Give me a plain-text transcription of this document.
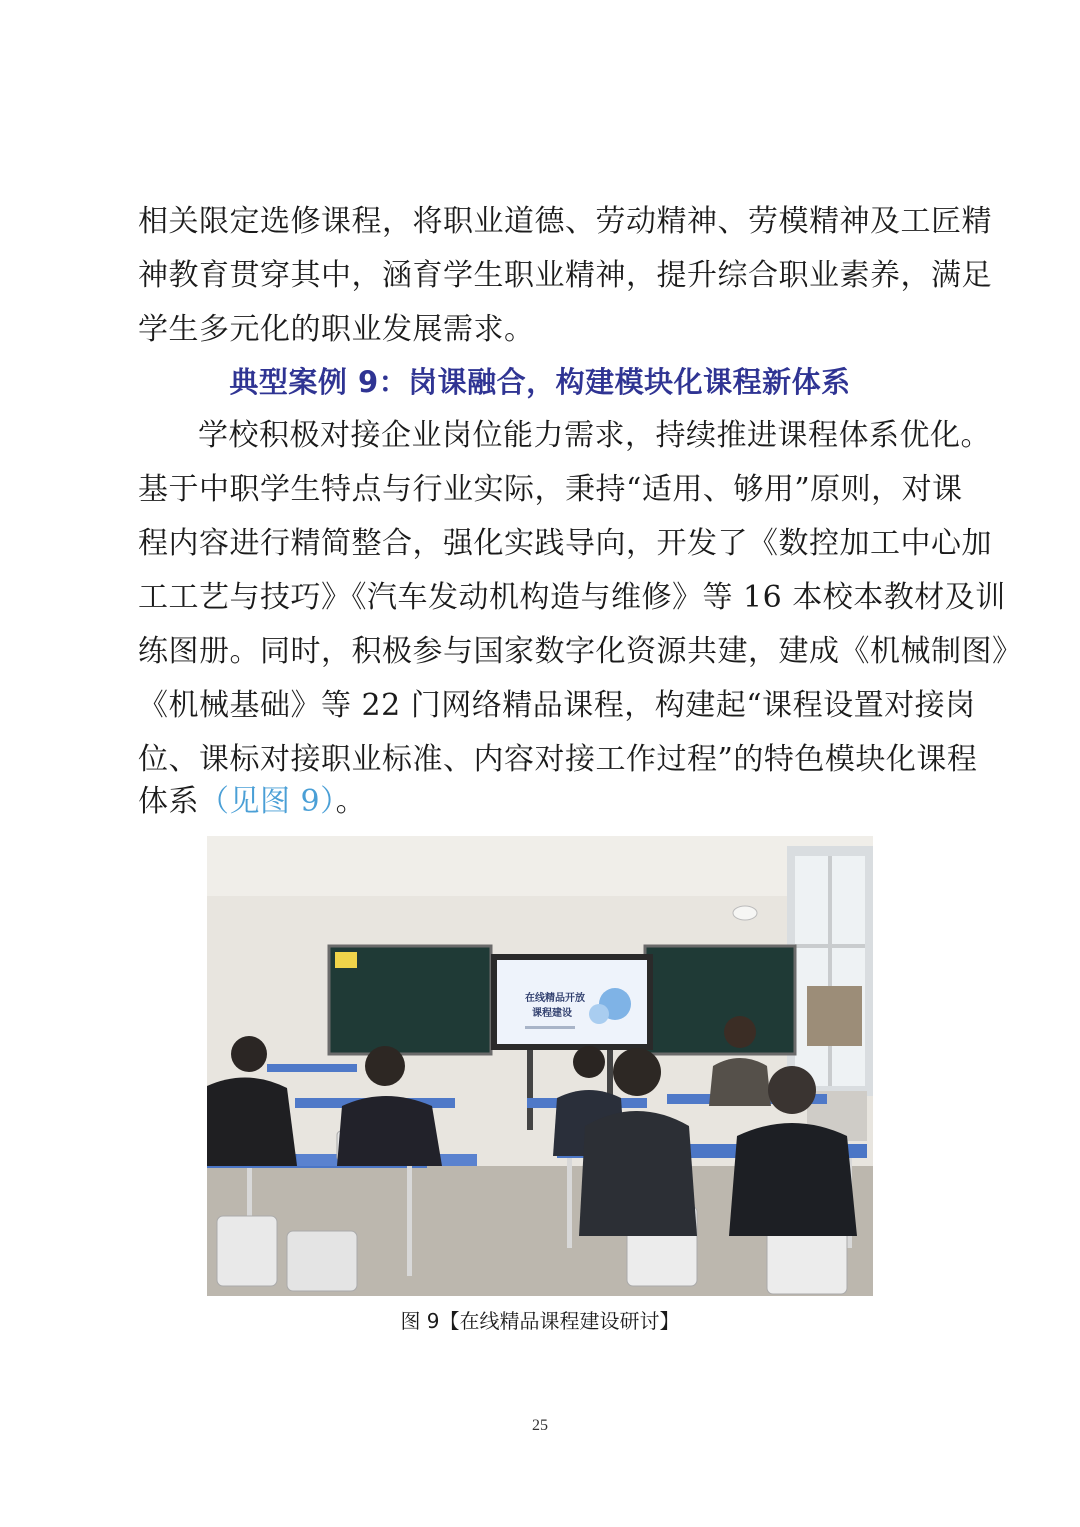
相关限定选修课程，将职业道德、劳动精神、劳模精神及工匠精
神教育贯穿其中，涵育学生职业精神，提升综合职业素养，满足
学生多元化的职业发展需求。
典型案例 9：岗课融合，构建模块化课程新体系
学校积极对接企业岗位能力需求，持续推进课程体系优化。
基于中职学生特点与行业实际，秉持“适用、够用”原则，对课
程内容进行精简整合，强化实践导向，开发了《数控加工中心加
工工艺与技巧》《汽车发动机构造与维修》等 16 本校本教材及训
练图册。同时，积极参与国家数字化资源共建，建成《机械制图》
《机械基础》等 22 门网络精品课程，构建起“课程设置对接岗
位、课标对接职业标准、内容对接工作过程”的特色模块化课程
体系（见图 9）。
在线精品开放
课程建设
图 9【在线精品课程建设研讨】
25
